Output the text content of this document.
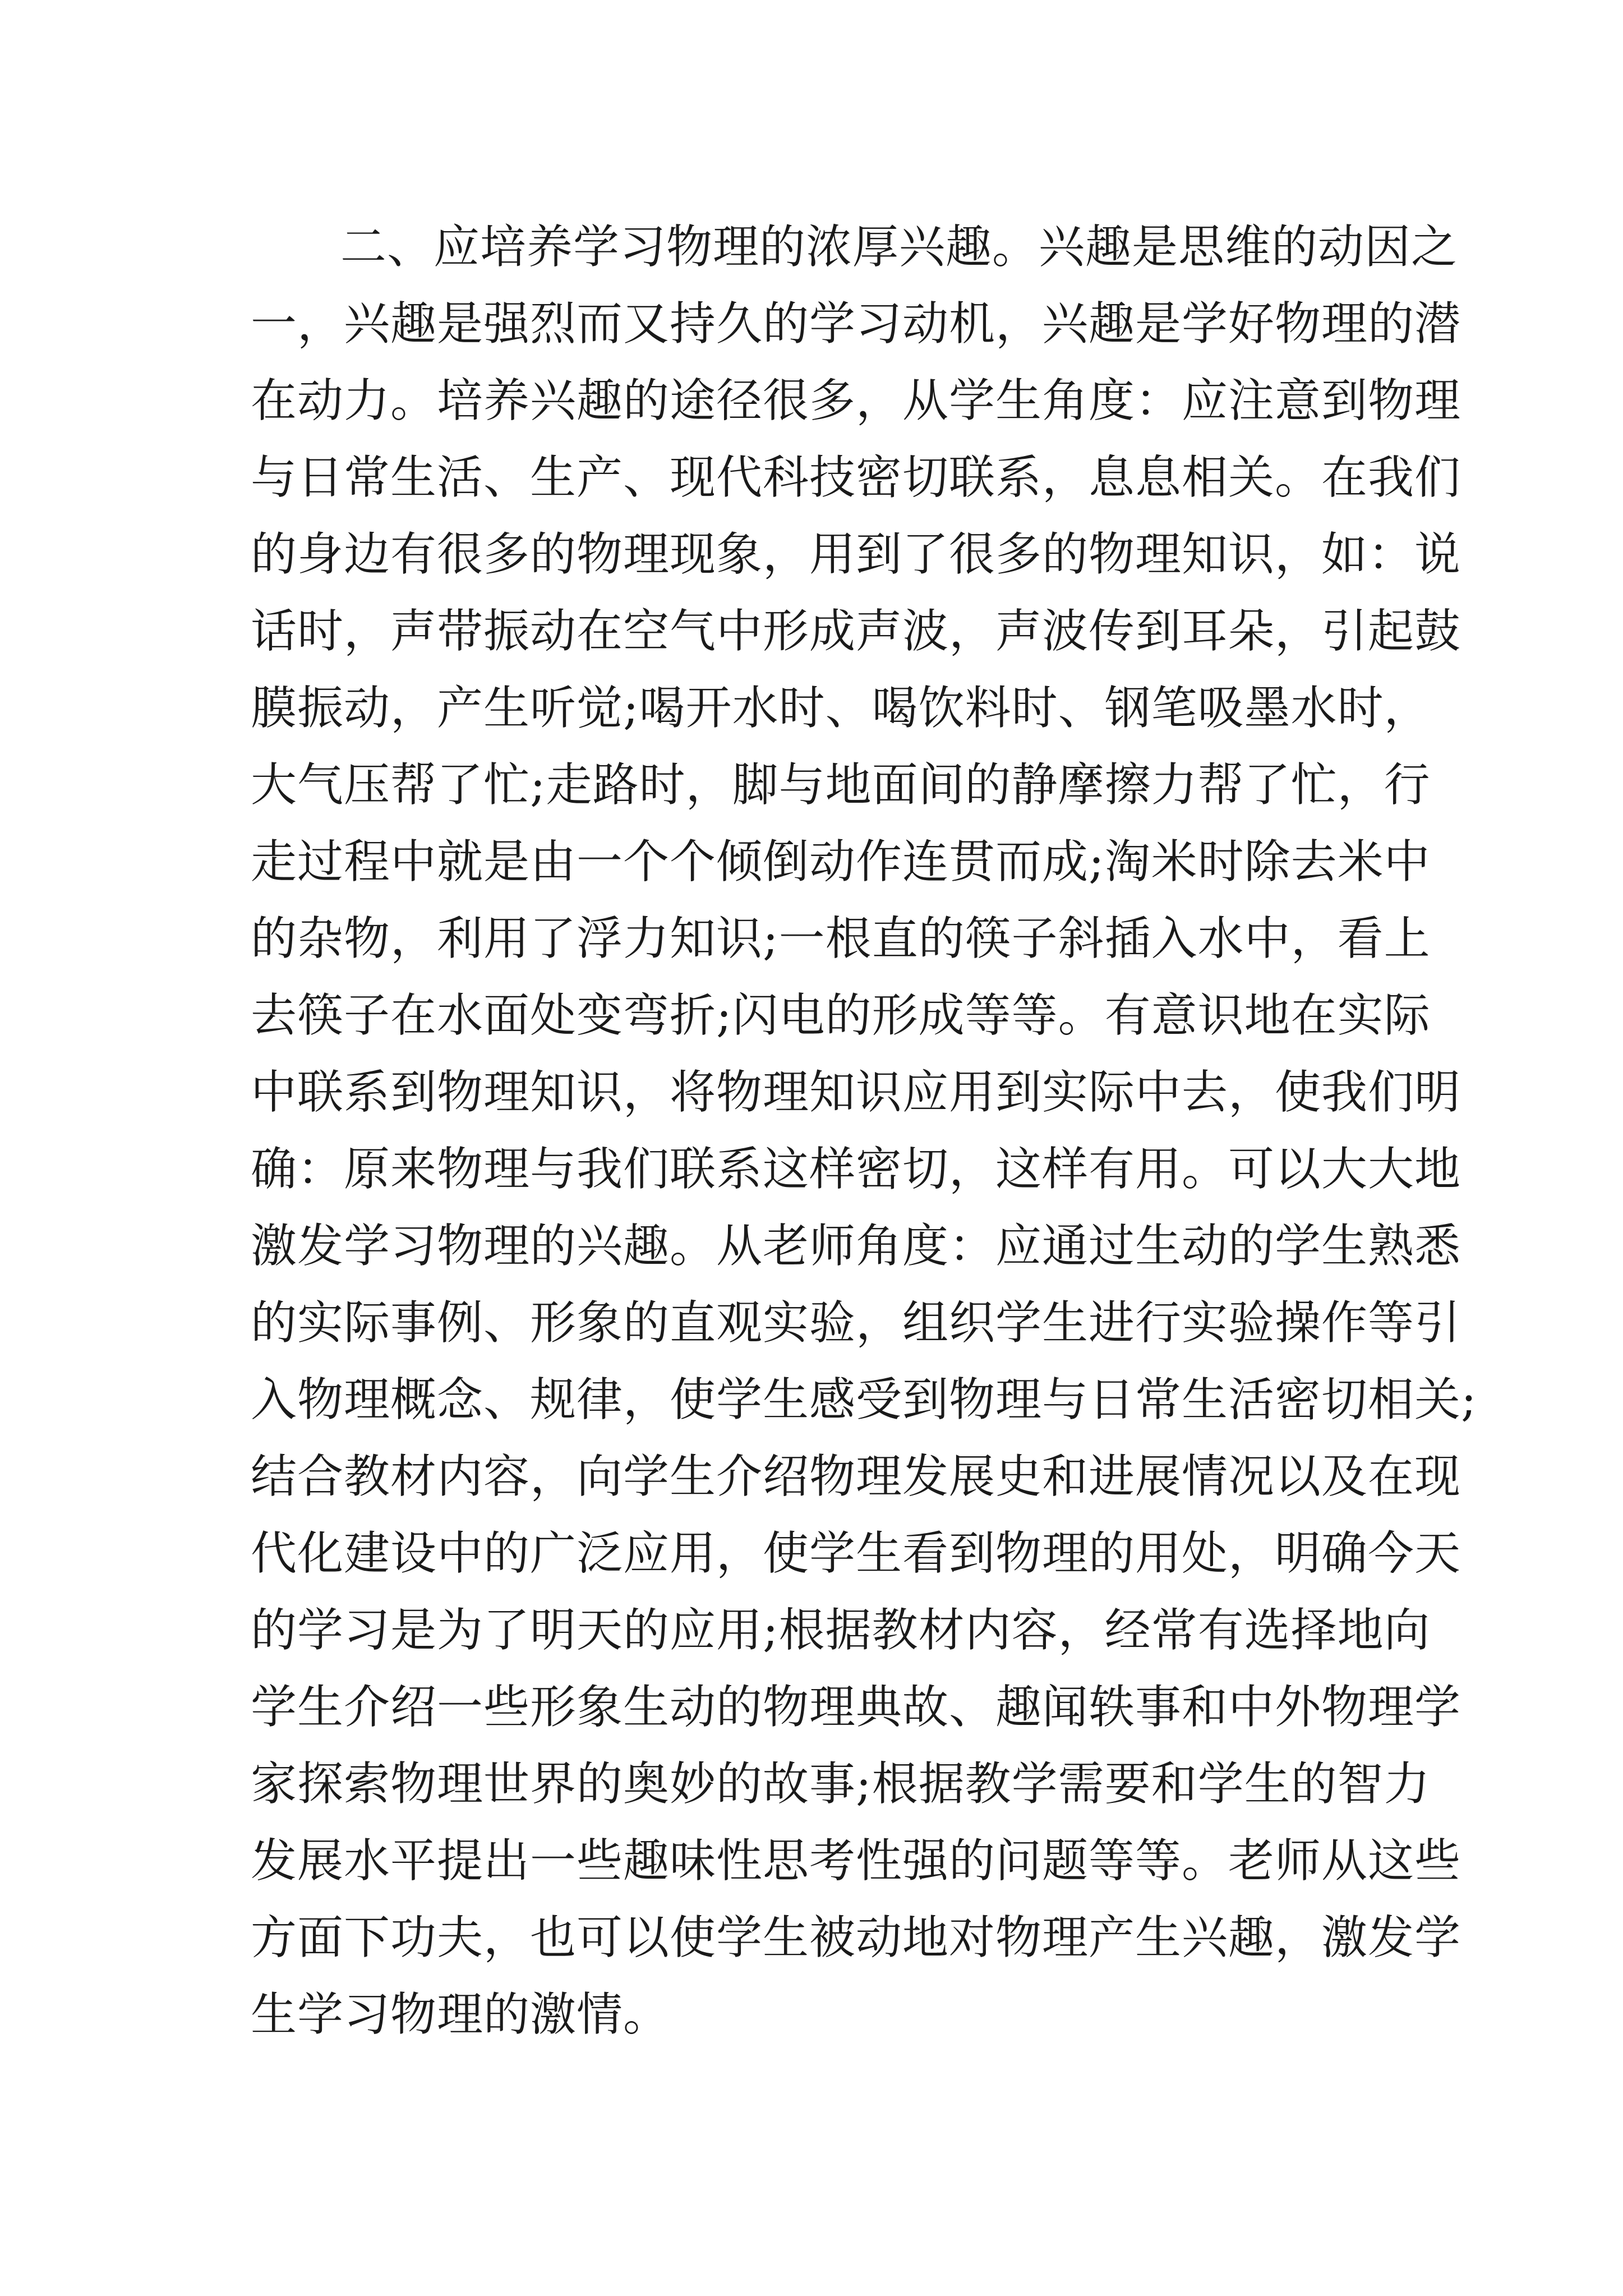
二、应培养学习物理的浓厚兴趣。兴趣是思维的动因之
一，兴趣是强烈而又持久的学习动机，兴趣是学好物理的潜
在动力。培养兴趣的途径很多，从学生角度：应注意到物理
与日常生活、生产、现代科技密切联系，息息相关。在我们
的身边有很多的物理现象，用到了很多的物理知识，如：说
话时，声带振动在空气中形成声波，声波传到耳朵，引起鼓
膜振动，产生听觉;喝开水时、喝饮料时、钢笔吸墨水时，
大气压帮了忙;走路时，脚与地面间的静摩擦力帮了忙，行
走过程中就是由一个个倾倒动作连贯而成;淘米时除去米中
的杂物，利用了浮力知识;一根直的筷子斜插入水中，看上
去筷子在水面处变弯折;闪电的形成等等。有意识地在实际
中联系到物理知识，将物理知识应用到实际中去，使我们明
确：原来物理与我们联系这样密切，这样有用。可以大大地
激发学习物理的兴趣。从老师角度：应通过生动的学生熟悉
的实际事例、形象的直观实验，组织学生进行实验操作等引
入物理概念、规律，使学生感受到物理与日常生活密切相关;
结合教材内容，向学生介绍物理发展史和进展情况以及在现
代化建设中的广泛应用，使学生看到物理的用处，明确今天
的学习是为了明天的应用;根据教材内容，经常有选择地向
学生介绍一些形象生动的物理典故、趣闻轶事和中外物理学
家探索物理世界的奥妙的故事;根据教学需要和学生的智力
发展水平提出一些趣味性思考性强的问题等等。老师从这些
方面下功夫，也可以使学生被动地对物理产生兴趣，激发学
生学习物理的激情。
